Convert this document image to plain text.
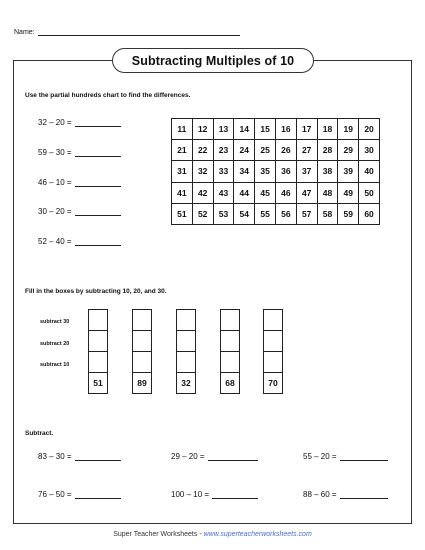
Name:
Subtracting Multiples of 10
Use the partial hundreds chart to find the differences.
32 – 20 =
59 – 30 =
46 – 10 =
30 – 20 =
52 – 40 =
11	12	13	14	15	16	17	18	19	20
21	22	23	24	25	26	27	28	29	30
31	32	33	34	35	36	37	38	39	40
41	42	43	44	45	46	47	48	49	50
51	52	53	54	55	56	57	58	59	60
Fill in the boxes by subtracting 10, 20, and 30.
subtract 30
subtract 20
subtract 10
51	89	32	68	70
Subtract.
83 – 30 =	29 – 20 =	55 – 20 =
76 – 50 =	100 – 10 =	88 – 60 =
Super Teacher Worksheets - www.superteacherworksheets.com
